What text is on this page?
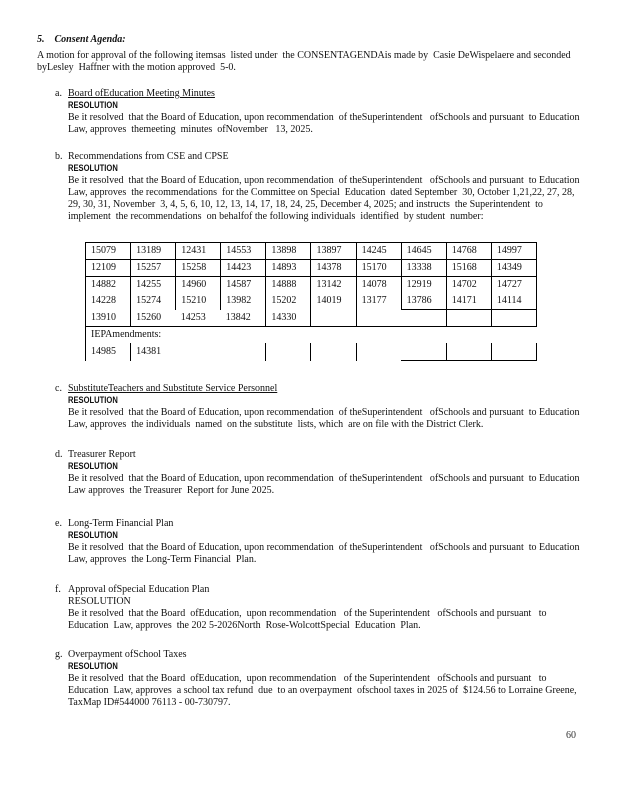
5. Consent Agenda:
A motion for approval of the following itemsas  listed under  the CONSENTAGENDAis made by  Casie DeWispelaere and seconded  byLesley  Haffner with the motion approved  5-0.
a. Board ofEducation Meeting Minutes
RESOLUTION

Be it resolved  that the Board of Education, upon recommendation  of theSuperintendent   ofSchools and pursuant  to Education  Law, approves  themeeting  minutes  ofNovember   13, 2025.

b. Recommendations from CSE and CPSE
RESOLUTION

Be it resolved  that the Board of Education, upon recommendation  of theSuperintendent   ofSchools and pursuant  to Education  Law, approves  the recommendations  for the Committee on Special  Education  dated September  30, October 1,21,22, 27, 28, 29, 30, 31, November  3, 4, 5, 6, 10, 12, 13, 14, 17, 18, 24, 25, December 4, 2025; and instructs  the Superintendent  to implement  the recommendations  on behalfof the following individuals  identified  by student  number:

15079	13189	12431	14553	13898	13897	14245	14645	14768	14997
12109	15257	15258	14423	14893	14378	15170	13338	15168	14349
14882	14255	14960	14587	14888	13142	14078	12919	14702	14727
14228	15274	15210	13982	15202	14019	13177	13786	14171	14114
13910	15260	14253	13842	14330					
IEPAmendments:									
14985	14381								
c. SubstituteTeachers and Substitute Service Personnel
RESOLUTION

Be it resolved  that the Board of Education, upon recommendation  of theSuperintendent   ofSchools and pursuant  to Education  Law, approves  the individuals  named  on the substitute  lists, which  are on file with the District Clerk.

d. Treasurer Report
RESOLUTION

Be it resolved  that the Board of Education, upon recommendation  of theSuperintendent   ofSchools and pursuant  to Education  Law approves  the Treasurer  Report for June 2025.

e. Long-Term Financial Plan
RESOLUTION

Be it resolved  that the Board of Education, upon recommendation  of theSuperintendent   ofSchools and pursuant  to Education  Law, approves  the Long-Term Financial  Plan.

f. Approval ofSpecial Education Plan
RESOLUTION

Be it resolved  that the Board  ofEducation,  upon recommendation   of the Superintendent   ofSchools and pursuant   to Education  Law, approves  the 202 5-2026North  Rose-WolcottSpecial  Education  Plan.

g. Overpayment ofSchool Taxes
RESOLUTION

Be it resolved  that the Board  ofEducation,  upon recommendation   of the Superintendent   ofSchools and pursuant   to Education  Law, approves  a school tax refund  due  to an overpayment  ofschool taxes in 2025 of  $124.56 to Lorraine Greene,  TaxMap ID#544000 76113 - 00-730797.

60
